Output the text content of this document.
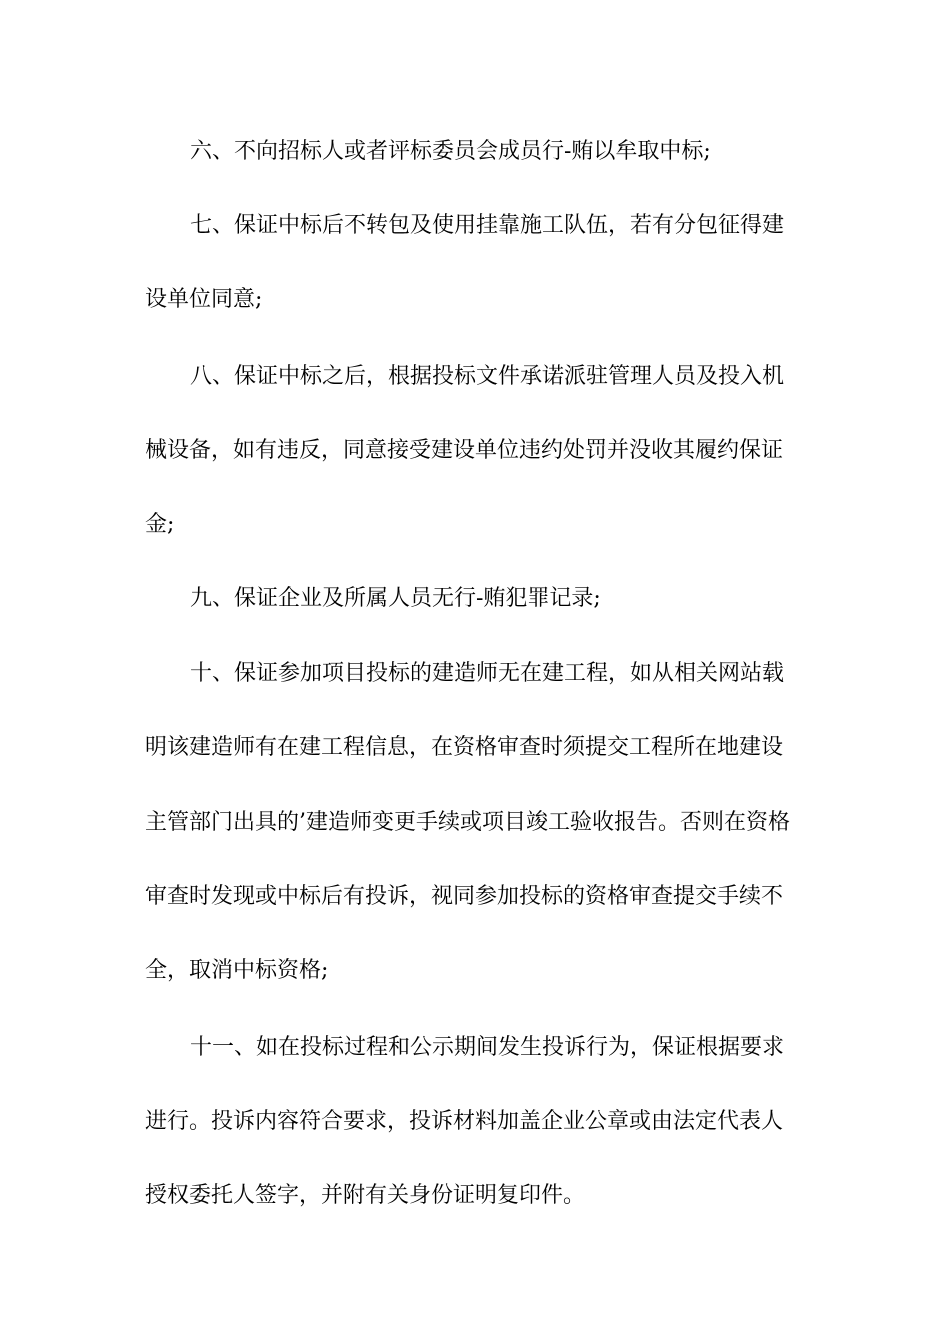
六、不向招标人或者评标委员会成员行-贿以牟取中标;

七、保证中标后不转包及使用挂靠施工队伍，若有分包征得建

设单位同意;

八、保证中标之后，根据投标文件承诺派驻管理人员及投入机

械设备，如有违反，同意接受建设单位违约处罚并没收其履约保证

金;

九、保证企业及所属人员无行-贿犯罪记录;

十、保证参加项目投标的建造师无在建工程，如从相关网站载

明该建造师有在建工程信息，在资格审查时须提交工程所在地建设

主管部门出具的’建造师变更手续或项目竣工验收报告。否则在资格

审查时发现或中标后有投诉，视同参加投标的资格审查提交手续不

全，取消中标资格;

十一、如在投标过程和公示期间发生投诉行为，保证根据要求

进行。投诉内容符合要求，投诉材料加盖企业公章或由法定代表人

授权委托人签字，并附有关身份证明复印件。
